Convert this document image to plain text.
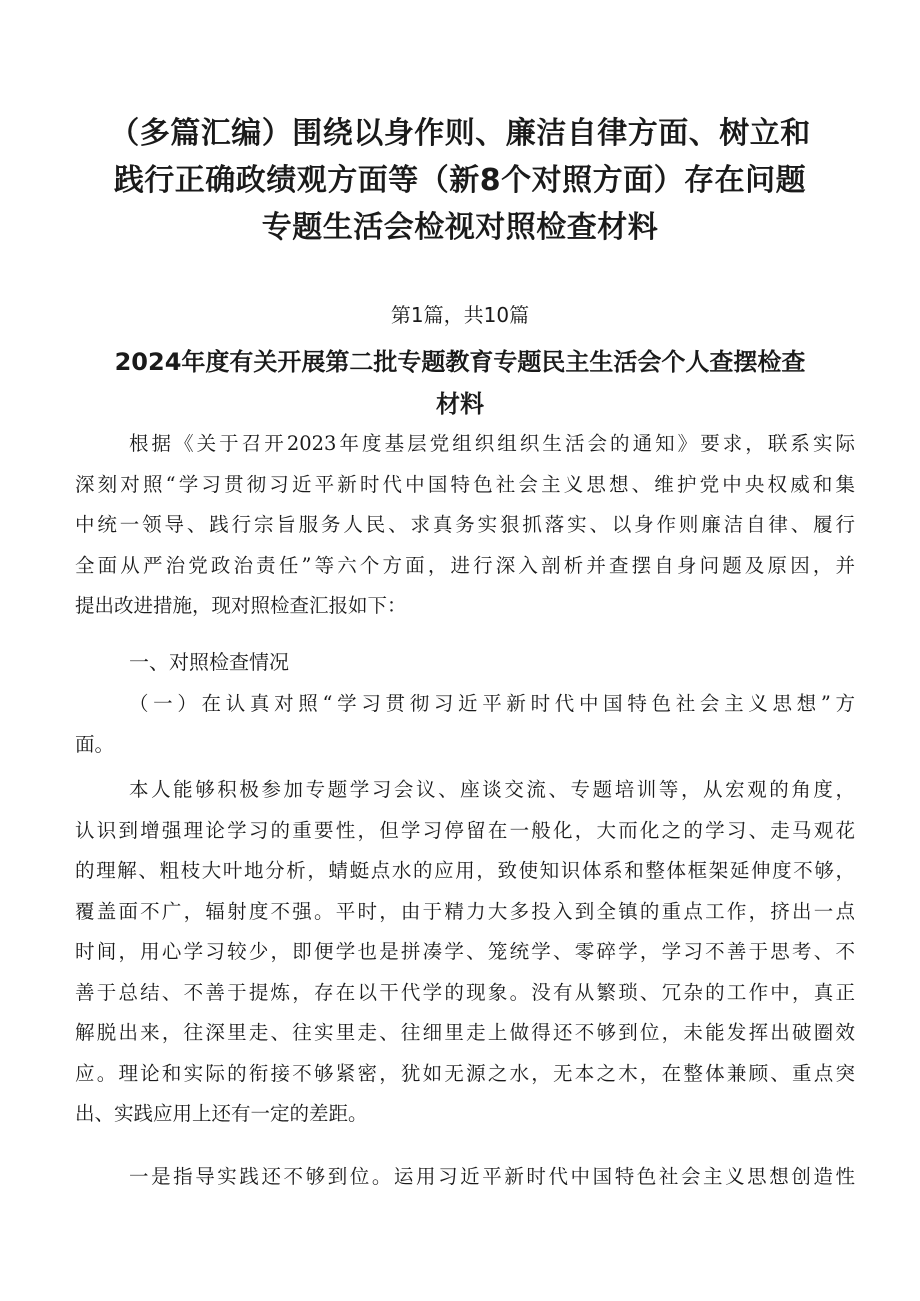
（多篇汇编）围绕以身作则、廉洁自律方面、树立和
践行正确政绩观方面等（新8个对照方面）存在问题
专题生活会检视对照检查材料
第1篇，共10篇
2024年度有关开展第二批专题教育专题民主生活会个人查摆检查
材料
根据《关于召开2023年度基层党组织组织生活会的通知》要求，联系实际
深刻对照“学习贯彻习近平新时代中国特色社会主义思想、维护党中央权威和集
中统一领导、践行宗旨服务人民、求真务实狠抓落实、以身作则廉洁自律、履行
全面从严治党政治责任”等六个方面，进行深入剖析并查摆自身问题及原因，并
提出改进措施，现对照检查汇报如下：
一、对照检查情况
（一）在认真对照“学习贯彻习近平新时代中国特色社会主义思想”方
面。
本人能够积极参加专题学习会议、座谈交流、专题培训等，从宏观的角度，
认识到增强理论学习的重要性，但学习停留在一般化，大而化之的学习、走马观花
的理解、粗枝大叶地分析，蜻蜓点水的应用，致使知识体系和整体框架延伸度不够，
覆盖面不广，辐射度不强。平时，由于精力大多投入到全镇的重点工作，挤出一点
时间，用心学习较少，即便学也是拼凑学、笼统学、零碎学，学习不善于思考、不
善于总结、不善于提炼，存在以干代学的现象。没有从繁琐、冗杂的工作中，真正
解脱出来，往深里走、往实里走、往细里走上做得还不够到位，未能发挥出破圈效
应。理论和实际的衔接不够紧密，犹如无源之水，无本之木，在整体兼顾、重点突
出、实践应用上还有一定的差距。
一是指导实践还不够到位。运用习近平新时代中国特色社会主义思想创造性
